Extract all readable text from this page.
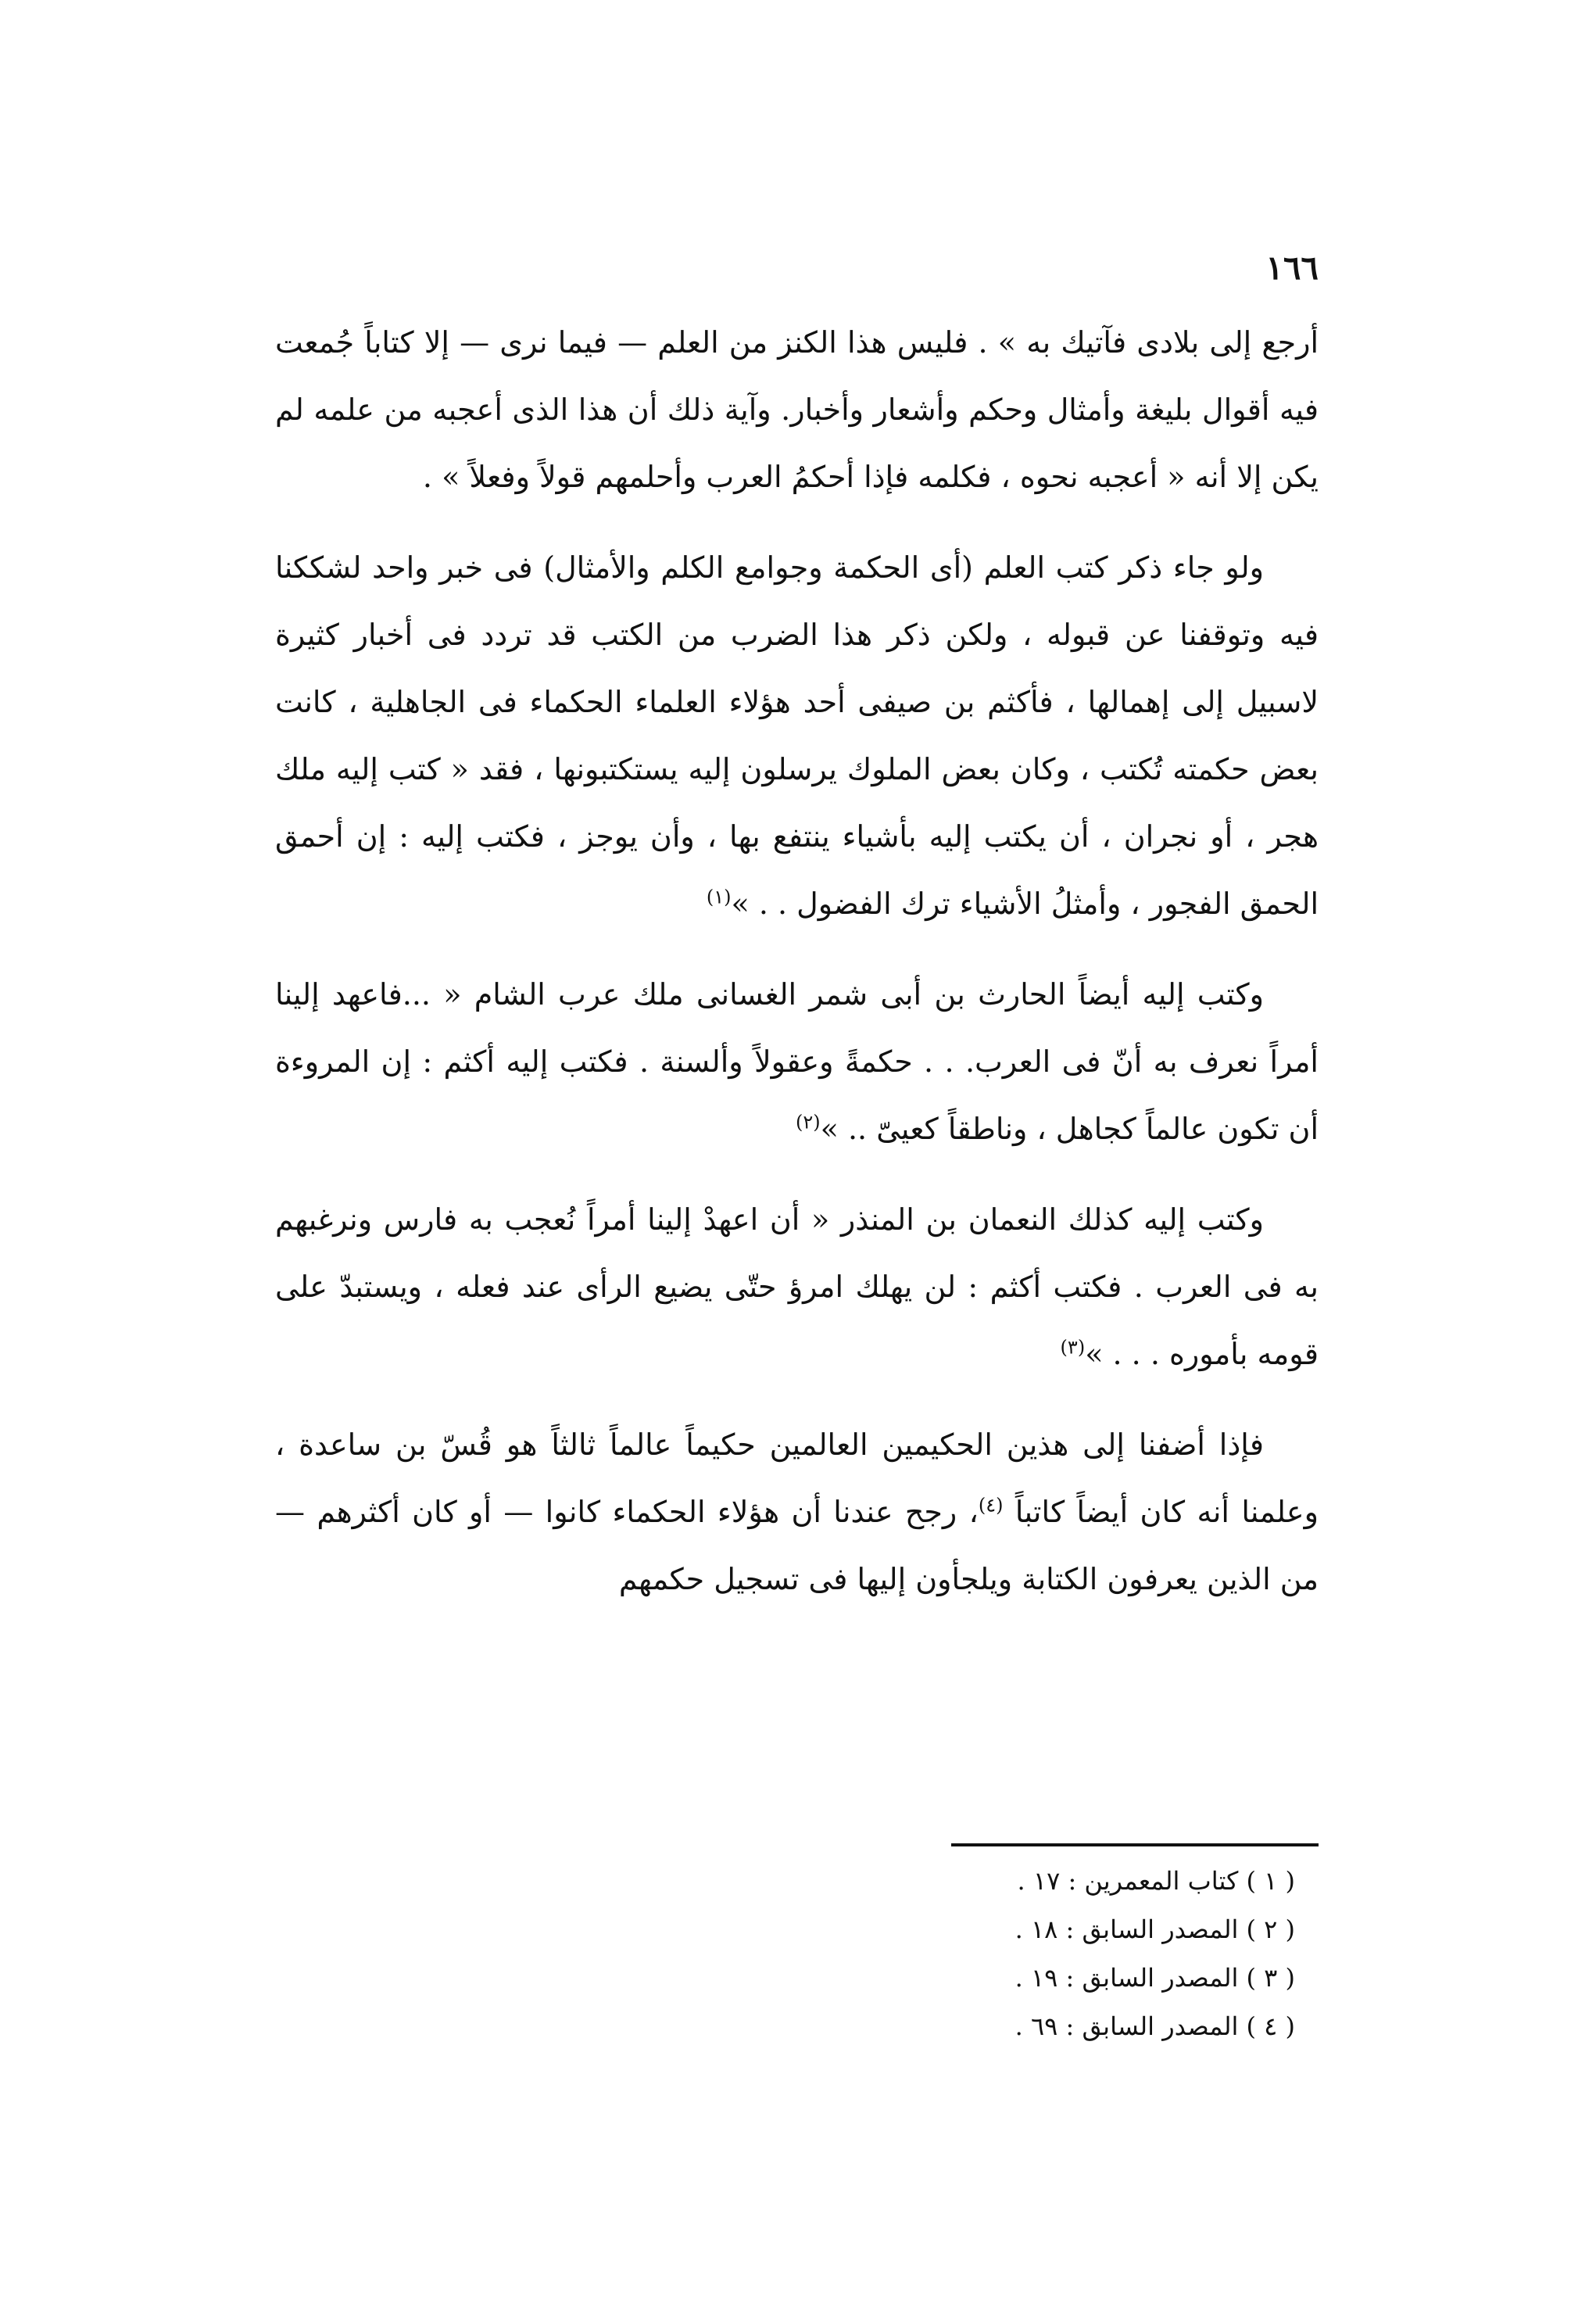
١٦٦

أرجع إلى بلادى فآتيك به » . فليس هذا الكنز من العلم — فيما نرى — إلا كتاباً جُمعت فيه أقوال بليغة وأمثال وحكم وأشعار وأخبار. وآية ذلك أن هذا الذى أعجبه من علمه لم يكن إلا أنه « أعجبه نحوه ، فكلمه فإذا أحكمُ العرب وأحلمهم قولاً وفعلاً » .

ولو جاء ذكر كتب العلم (أى الحكمة وجوامع الكلم والأمثال) فى خبر واحد لشككنا فيه وتوقفنا عن قبوله ، ولكن ذكر هذا الضرب من الكتب قد تردد فى أخبار كثيرة لاسبيل إلى إهمالها ، فأكثم بن صيفى أحد هؤلاء العلماء الحكماء فى الجاهلية ، كانت بعض حكمته تُكتب ، وكان بعض الملوك يرسلون إليه يستكتبونها ، فقد « كتب إليه ملك هجر ، أو نجران ، أن يكتب إليه بأشياء ينتفع بها ، وأن يوجز ، فكتب إليه : إن أحمق الحمق الفجور ، وأمثلُ الأشياء ترك الفضول . . »$^{(١)}$

وكتب إليه أيضاً الحارث بن أبى شمر الغسانى ملك عرب الشام « ...فاعهد إلينا أمراً نعرف به أنّ فى العرب. . . حكمةً وعقولاً وألسنة . فكتب إليه أكثم : إن المروءة أن تكون عالماً كجاهل ، وناطقاً كعيىّ .. »$^{(٢)}$

وكتب إليه كذلك النعمان بن المنذر « أن اعهدْ إلينا أمراً نُعجب به فارس ونرغبهم به فى العرب . فكتب أكثم : لن يهلك امرؤ حتّى يضيع الرأى عند فعله ، ويستبدّ على قومه بأموره . . . »$^{(٣)}$

فإذا أضفنا إلى هذين الحكيمين العالمين حكيماً عالماً ثالثاً هو قُسّ بن ساعدة ، وعلمنا أنه كان أيضاً كاتباً $^{(٤)}$، رجح عندنا أن هؤلاء الحكماء كانوا — أو كان أكثرهم — من الذين يعرفون الكتابة ويلجأون إليها فى تسجيل حكمهم

( ١ ) كتاب المعمرين : ١٧ .

( ٢ ) المصدر السابق : ١٨ .

( ٣ ) المصدر السابق : ١٩ .

( ٤ ) المصدر السابق : ٦٩ .
